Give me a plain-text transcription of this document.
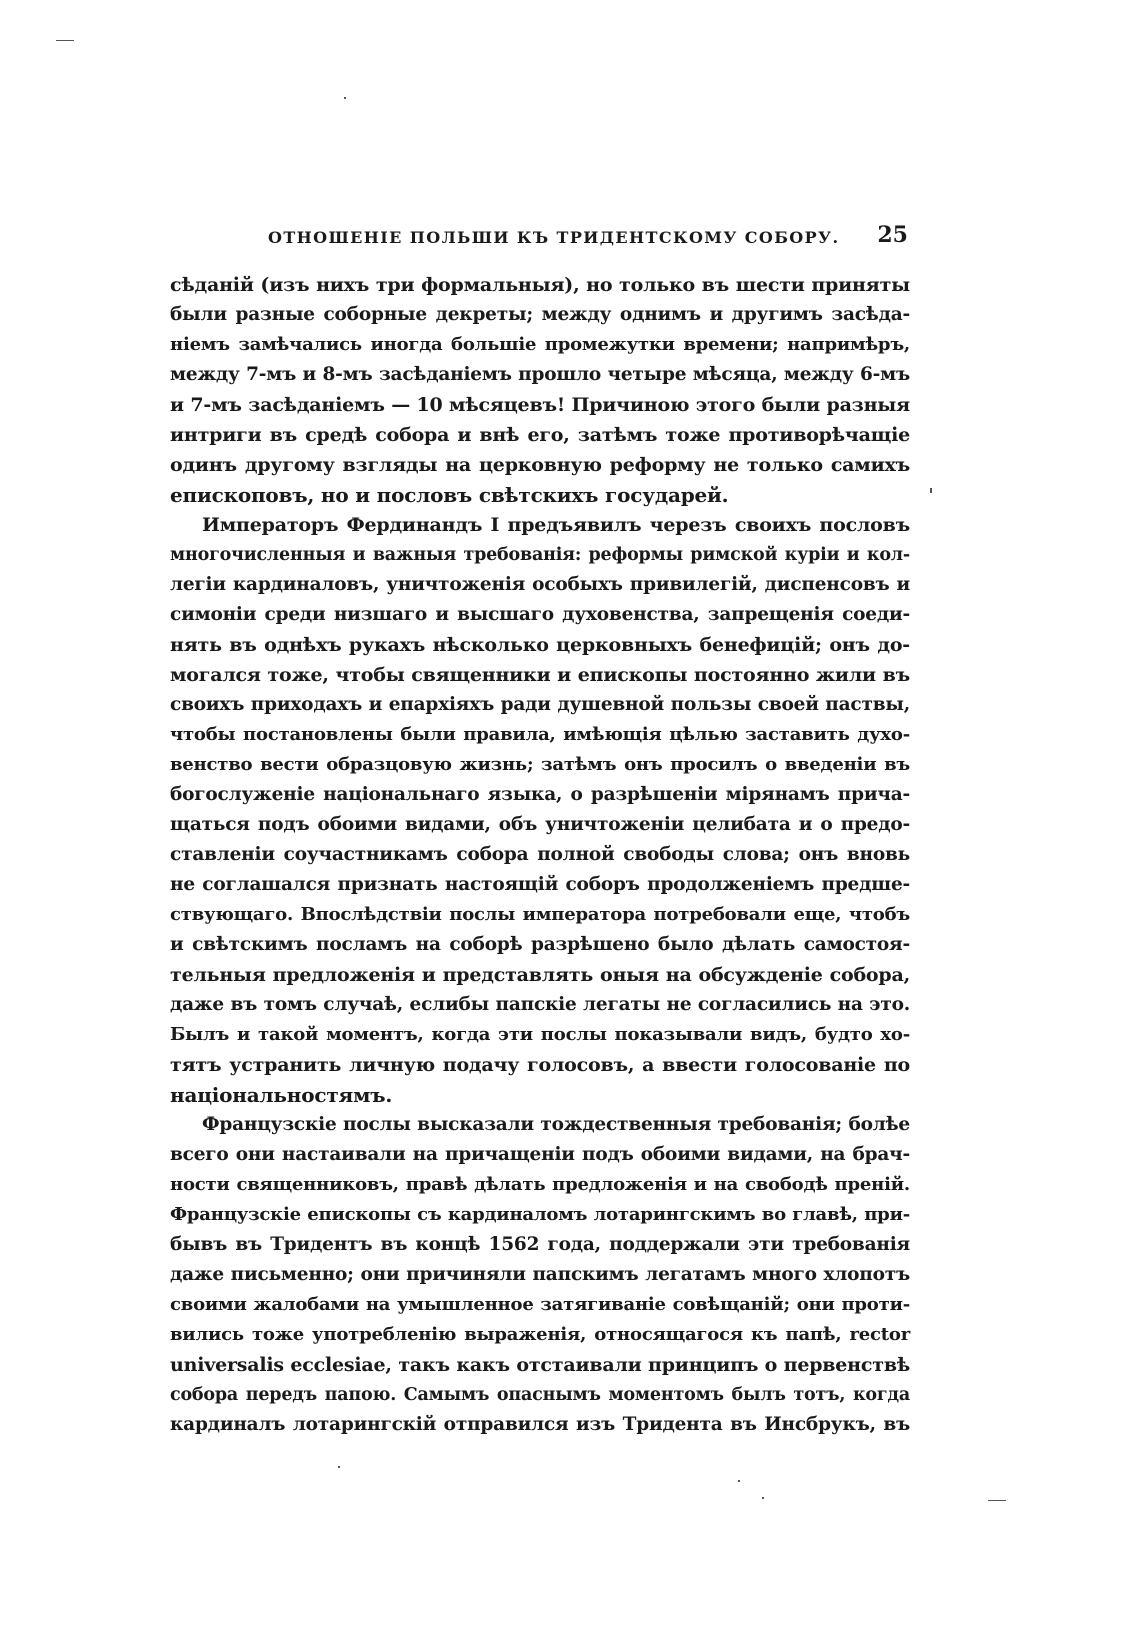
ОТНОШЕНIЕ ПОЛЬШИ КЪ ТРИДЕНТСКОМУ СОБОРУ. 25
сѣданій (изъ нихъ три формальныя), но только въ шести приняты
были разные соборные декреты; между однимъ и другимъ засѣда-
ніемъ замѣчались иногда большіе промежутки времени; напримѣръ,
между 7-мъ и 8-мъ засѣданіемъ прошло четыре мѣсяца, между 6-мъ
и 7-мъ засѣданіемъ — 10 мѣсяцевъ! Причиною этого были разныя
интриги въ средѣ собора и внѣ его, затѣмъ тоже противорѣчащіе
одинъ другому взгляды на церковную реформу не только самихъ
епископовъ, но и пословъ свѣтскихъ государей.
Императоръ Фердинандъ I предъявилъ черезъ своихъ пословъ
многочисленныя и важныя требованія: реформы римской куріи и кол-
легіи кардиналовъ, уничтоженія особыхъ привилегій, диспенсовъ и
симоніи среди низшаго и высшаго духовенства, запрещенія соеди-
нять въ однѣхъ рукахъ нѣсколько церковныхъ бенефицій; онъ до-
могался тоже, чтобы священники и епископы постоянно жили въ
своихъ приходахъ и епархіяхъ ради душевной пользы своей паствы,
чтобы постановлены были правила, имѣющія цѣлью заставить духо-
венство вести образцовую жизнь; затѣмъ онъ просилъ о введеніи въ
богослуженіе національнаго языка, о разрѣшеніи мірянамъ прича-
щаться подъ обоими видами, объ уничтоженіи целибата и о предо-
ставленіи соучастникамъ собора полной свободы слова; онъ вновь
не соглашался признать настоящій соборъ продолженіемъ предше-
ствующаго. Впослѣдствіи послы императора потребовали еще, чтобъ
и свѣтскимъ посламъ на соборѣ разрѣшено было дѣлать самостоя-
тельныя предложенія и представлять оныя на обсужденіе собора,
даже въ томъ случаѣ, еслибы папскіе легаты не согласились на это.
Былъ и такой моментъ, когда эти послы показывали видъ, будто хо-
тятъ устранить личную подачу голосовъ, а ввести голосованіе по
національностямъ.
Французскіе послы высказали тождественныя требованія; болѣе
всего они настаивали на причащеніи подъ обоими видами, на брач-
ности священниковъ, правѣ дѣлать предложенія и на свободѣ преній.
Французскіе епископы съ кардиналомъ лотарингскимъ во главѣ, при-
бывъ въ Тридентъ въ концѣ 1562 года, поддержали эти требованія
даже письменно; они причиняли папскимъ легатамъ много хлопотъ
своими жалобами на умышленное затягиваніе совѣщаній; они проти-
вились тоже употребленію выраженія, относящагося къ папѣ, rector
universalis ecclesiae, такъ какъ отстаивали принципъ о первенствѣ
собора передъ папою. Самымъ опаснымъ моментомъ былъ тотъ, когда
кардиналъ лотарингскій отправился изъ Тридента въ Инсбрукъ, въ
